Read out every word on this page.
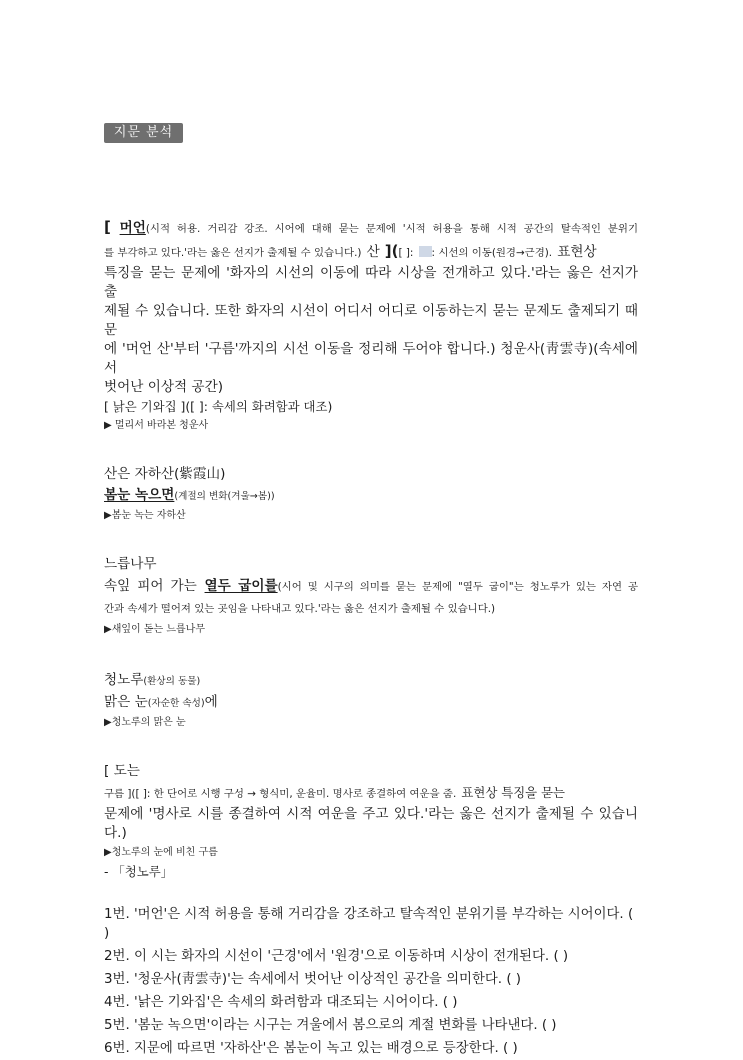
지문 분석

[ 머언(시적 허용. 거리감 강조. 시어에 대해 묻는 문제에 '시적 허용을 통해 시적 공간의 탈속적인 분위기

를 부각하고 있다.'라는 옳은 선지가 출제될 수 있습니다.) 산 ]([ ]: : 시선의 이동(원경→근경). 표현상

특징을 묻는 문제에 '화자의 시선의 이동에 따라 시상을 전개하고 있다.'라는 옳은 선지가 출

제될 수 있습니다. 또한 화자의 시선이 어디서 어디로 이동하는지 묻는 문제도 출제되기 때문

에 '머언 산'부터 '구름'까지의 시선 이동을 정리해 두어야 합니다.) 청운사(靑雲寺)(속세에서

벗어난 이상적 공간)

[ 낡은 기와집 ]([ ]: 속세의 화려함과 대조)

▶ 멀리서 바라본 청운사

산은 자하산(紫霞山)

봄눈 녹으면(계절의 변화(겨울→봄))

▶봄눈 녹는 자하산

느릅나무

속잎 피어 가는 열두 굽이를(시어 및 시구의 의미를 묻는 문제에 "열두 굽이"는 청노루가 있는 자연 공

간과 속세가 떨어져 있는 곳임을 나타내고 있다.'라는 옳은 선지가 출제될 수 있습니다.)

▶새잎이 돋는 느릅나무

청노루(환상의 동물)

맑은 눈(자순한 속성)에

▶청노루의 맑은 눈

[ 도는

구름 ]([ ]: 한 단어로 시행 구성 → 형식미, 운율미. 명사로 종결하여 여운을 줌. 표현상 특징을 묻는

문제에 '명사로 시를 종결하여 시적 여운을 주고 있다.'라는 옳은 선지가 출제될 수 있습니

다.)

▶청노루의 눈에 비친 구름

- 「청노루」

1번. '머언'은 시적 허용을 통해 거리감을 강조하고 탈속적인 분위기를 부각하는 시어이다. (

)

2번. 이 시는 화자의 시선이 '근경'에서 '원경'으로 이동하며 시상이 전개된다. ( )

3번. '청운사(靑雲寺)'는 속세에서 벗어난 이상적인 공간을 의미한다. ( )

4번. '낡은 기와집'은 속세의 화려함과 대조되는 시어이다. ( )

5번. '봄눈 녹으면'이라는 시구는 겨울에서 봄으로의 계절 변화를 나타낸다. ( )

6번. 지문에 따르면 '자하산'은 봄눈이 녹고 있는 배경으로 등장한다. ( )
